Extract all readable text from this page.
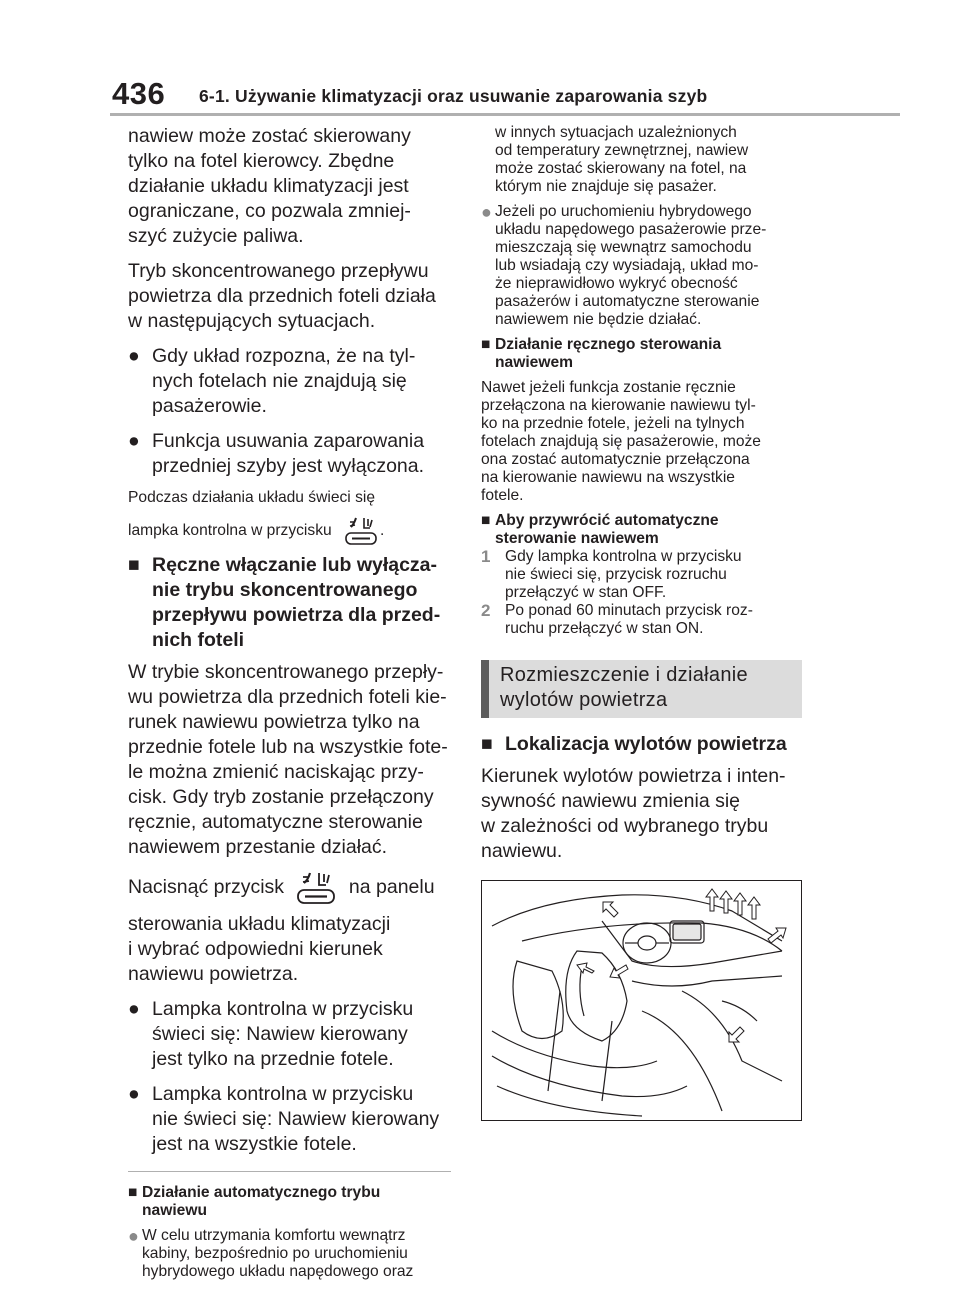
436 6-1. Używanie klimatyzacji oraz usuwanie zaparowania szyb

nawiew może zostać skierowany

tylko na fotel kierowcy. Zbędne

działanie układu klimatyzacji jest

ograniczane, co pozwala zmniej-

szyć zużycie paliwa.

Tryb skoncentrowanego przepływu

powietrza dla przednich foteli działa

w następujących sytuacjach.

● Gdy układ rozpozna, że na tyl-
nych fotelach nie znajdują się
pasażerowie.
● Funkcja usuwania zaparowania
przedniej szyby jest wyłączona.

Podczas działania układu świeci się

lampka kontrolna w przycisku	.

■ Ręczne włączanie lub wyłącza-
nie trybu skoncentrowanego
przepływu powietrza dla przed-
nich foteli

W trybie skoncentrowanego przepły-

wu powietrza dla przednich foteli kie-

runek nawiewu powietrza tylko na

przednie fotele lub na wszystkie fote-

le można zmienić naciskając przy-

cisk. Gdy tryb zostanie przełączony

ręcznie, automatyczne sterowanie

nawiewem przestanie działać.

Nacisnąć przycisk	na panelu

sterowania układu klimatyzacji

i wybrać odpowiedni kierunek

nawiewu powietrza.

● Lampka kontrolna w przycisku
świeci się: Nawiew kierowany
jest tylko na przednie fotele.
● Lampka kontrolna w przycisku
nie świeci się: Nawiew kierowany
jest na wszystkie fotele.
■ Działanie automatycznego trybu
nawiewu
● W celu utrzymania komfortu wewnątrz
kabiny, bezpośrednio po uruchomieniu
hybrydowego układu napędowego oraz

w innych sytuacjach uzależnionych

od temperatury zewnętrznej, nawiew

może zostać skierowany na fotel, na

którym nie znajduje się pasażer.

● Jeżeli po uruchomieniu hybrydowego
układu napędowego pasażerowie prze-
mieszczają się wewnątrz samochodu
lub wsiadają czy wysiadają, układ mo-
że nieprawidłowo wykryć obecność
pasażerów i automatyczne sterowanie
nawiewem nie będzie działać.
■ Działanie ręcznego sterowania
nawiewem

Nawet jeżeli funkcja zostanie ręcznie

przełączona na kierowanie nawiewu tyl-

ko na przednie fotele, jeżeli na tylnych

fotelach znajdują się pasażerowie, może

ona zostać automatycznie przełączona

na kierowanie nawiewu na wszystkie

fotele.

■ Aby przywrócić automatyczne
sterowanie nawiewem
1 Gdy lampka kontrolna w przycisku
nie świeci się, przycisk rozruchu
przełączyć w stan OFF.
2 Po ponad 60 minutach przycisk roz-
ruchu przełączyć w stan ON.
Rozmieszczenie i działanie
wylotów powietrza
■ Lokalizacja wylotów powietrza

Kierunek wylotów powietrza i inten-

sywność nawiewu zmienia się

w zależności od wybranego trybu

nawiewu.
